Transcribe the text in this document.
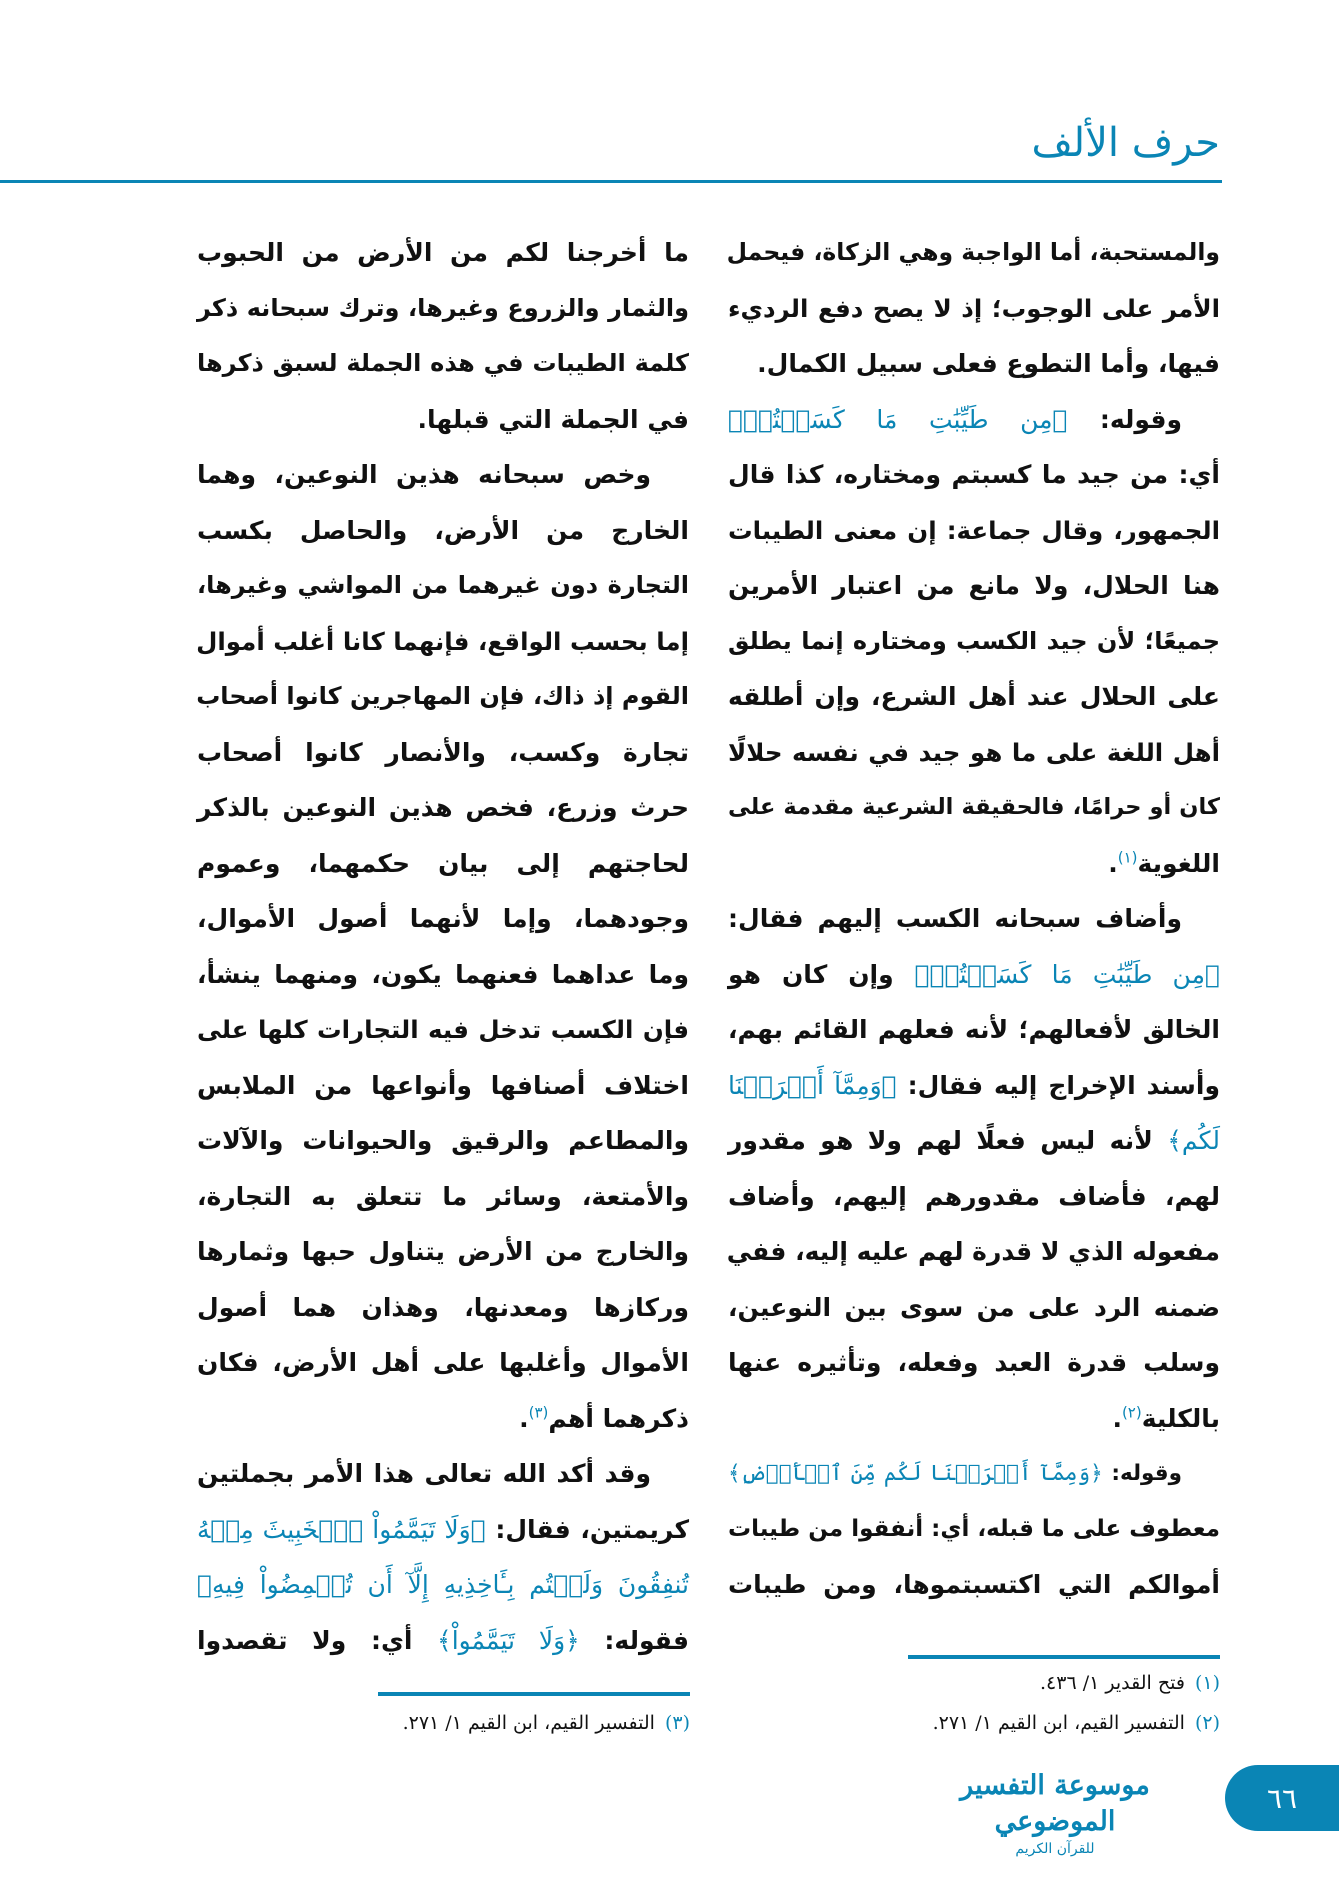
حرف الألف
والمستحبة، أما الواجبة وهي الزكاة، فيحمل
الأمر على الوجوب؛ إذ لا يصح دفع الرديء
فيها، وأما التطوع فعلى سبيل الكمال.
وقوله: ﴿مِن طَيِّبَٰتِ مَا كَسَبۡتُمۡ﴾
أي: من جيد ما كسبتم ومختاره، كذا قال
الجمهور، وقال جماعة: إن معنى الطيبات
هنا الحلال، ولا مانع من اعتبار الأمرين
جميعًا؛ لأن جيد الكسب ومختاره إنما يطلق
على الحلال عند أهل الشرع، وإن أطلقه
أهل اللغة على ما هو جيد في نفسه حلالًا
كان أو حرامًا، فالحقيقة الشرعية مقدمة على
اللغوية$^{(١)}$.
وأضاف سبحانه الكسب إليهم فقال:
﴿مِن طَيِّبَٰتِ مَا كَسَبۡتُمۡ﴾ وإن كان هو
الخالق لأفعالهم؛ لأنه فعلهم القائم بهم،
وأسند الإخراج إليه فقال: ﴿وَمِمَّآ أَخۡرَجۡنَا
لَكُم﴾ لأنه ليس فعلًا لهم ولا هو مقدور
لهم، فأضاف مقدورهم إليهم، وأضاف
مفعوله الذي لا قدرة لهم عليه إليه، ففي
ضمنه الرد على من سوى بين النوعين،
وسلب قدرة العبد وفعله، وتأثيره عنها
بالكلية$^{(٢)}$.
وقوله: ﴿وَمِمَّآ أَخۡرَجۡنَا لَكُم مِّنَ ٱلۡأَرۡضِ﴾
معطوف على ما قبله، أي: أنفقوا من طيبات
أموالكم التي اكتسبتموها، ومن طيبات
ما أخرجنا لكم من الأرض من الحبوب
والثمار والزروع وغيرها، وترك سبحانه ذكر
كلمة الطيبات في هذه الجملة لسبق ذكرها
في الجملة التي قبلها.
وخص سبحانه هذين النوعين، وهما
الخارج من الأرض، والحاصل بكسب
التجارة دون غيرهما من المواشي وغيرها،
إما بحسب الواقع، فإنهما كانا أغلب أموال
القوم إذ ذاك، فإن المهاجرين كانوا أصحاب
تجارة وكسب، والأنصار كانوا أصحاب
حرث وزرع، فخص هذين النوعين بالذكر
لحاجتهم إلى بيان حكمهما، وعموم
وجودهما، وإما لأنهما أصول الأموال،
وما عداهما فعنهما يكون، ومنهما ينشأ،
فإن الكسب تدخل فيه التجارات كلها على
اختلاف أصنافها وأنواعها من الملابس
والمطاعم والرقيق والحيوانات والآلات
والأمتعة، وسائر ما تتعلق به التجارة،
والخارج من الأرض يتناول حبها وثمارها
وركازها ومعدنها، وهذان هما أصول
الأموال وأغلبها على أهل الأرض، فكان
ذكرهما أهم$^{(٣)}$.
وقد أكد الله تعالى هذا الأمر بجملتين
كريمتين، فقال: ﴿وَلَا تَيَمَّمُواْ ٱلۡخَبِيثَ مِنۡهُ
تُنفِقُونَ وَلَسۡتُم بِـَٔاخِذِيهِ إِلَّآ أَن تُغۡمِضُواْ فِيهِ﴾
فقوله: ﴿وَلَا تَيَمَّمُواْ﴾ أي: ولا تقصدوا
(١)فتح القدير ١/ ٤٣٦.
(٢)التفسير القيم، ابن القيم ١/ ٢٧١.
(٣)التفسير القيم، ابن القيم ١/ ٢٧١.
موسوعة التفسير الموضوعي
للقرآن الكريم
٦٦
